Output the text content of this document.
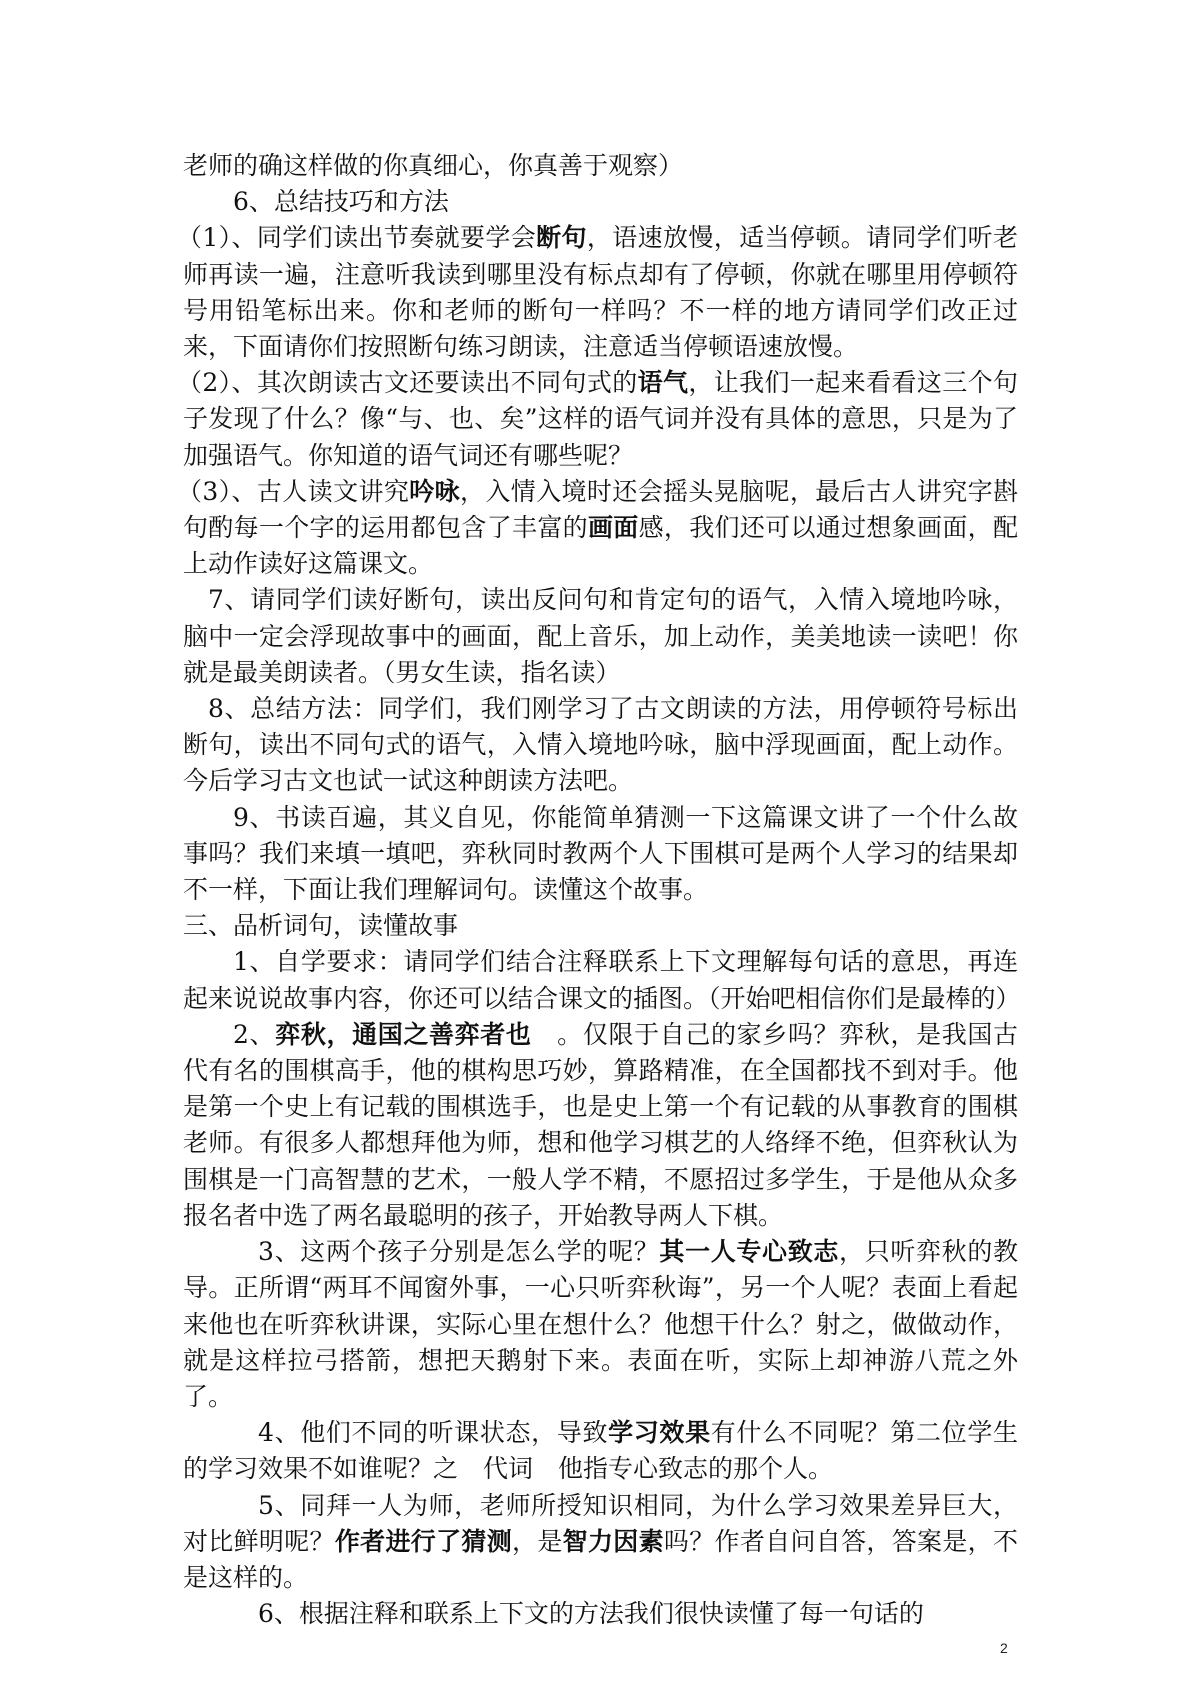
老师的确这样做的你真细心，你真善于观察）

6、总结技巧和方法

（1）、同学们读出节奏就要学会断句，语速放慢，适当停顿。请同学们听老师再读一遍，注意听我读到哪里没有标点却有了停顿，你就在哪里用停顿符号用铅笔标出来。你和老师的断句一样吗？不一样的地方请同学们改正过来，下面请你们按照断句练习朗读，注意适当停顿语速放慢。

（2）、其次朗读古文还要读出不同句式的语气，让我们一起来看看这三个句子发现了什么？像“与、也、矣”这样的语气词并没有具体的意思，只是为了加强语气。你知道的语气词还有哪些呢？

（3）、古人读文讲究吟咏，入情入境时还会摇头晃脑呢，最后古人讲究字斟句酌每一个字的运用都包含了丰富的画面感，我们还可以通过想象画面，配上动作读好这篇课文。

7、请同学们读好断句，读出反问句和肯定句的语气，入情入境地吟咏，脑中一定会浮现故事中的画面，配上音乐，加上动作，美美地读一读吧！你就是最美朗读者。（男女生读，指名读）

8、总结方法：同学们，我们刚学习了古文朗读的方法，用停顿符号标出断句，读出不同句式的语气，入情入境地吟咏，脑中浮现画面，配上动作。今后学习古文也试一试这种朗读方法吧。

9、书读百遍，其义自见，你能简单猜测一下这篇课文讲了一个什么故事吗？我们来填一填吧，弈秋同时教两个人下围棋可是两个人学习的结果却不一样，下面让我们理解词句。读懂这个故事。

三、品析词句，读懂故事

1、自学要求：请同学们结合注释联系上下文理解每句话的意思，再连起来说说故事内容，你还可以结合课文的插图。（开始吧相信你们是最棒的）

2、弈秋，通国之善弈者也　。仅限于自己的家乡吗？弈秋，是我国古代有名的围棋高手，他的棋构思巧妙，算路精准，在全国都找不到对手。他是第一个史上有记载的围棋选手，也是史上第一个有记载的从事教育的围棋老师。有很多人都想拜他为师，想和他学习棋艺的人络绎不绝，但弈秋认为围棋是一门高智慧的艺术，一般人学不精，不愿招过多学生，于是他从众多报名者中选了两名最聪明的孩子，开始教导两人下棋。

3、这两个孩子分别是怎么学的呢？其一人专心致志，只听弈秋的教导。正所谓“两耳不闻窗外事，一心只听弈秋诲”，另一个人呢？表面上看起来他也在听弈秋讲课，实际心里在想什么？他想干什么？射之，做做动作，就是这样拉弓搭箭，想把天鹅射下来。表面在听，实际上却神游八荒之外了。

4、他们不同的听课状态，导致学习效果有什么不同呢？第二位学生的学习效果不如谁呢？之　代词　他指专心致志的那个人。

5、同拜一人为师，老师所授知识相同，为什么学习效果差异巨大，对比鲜明呢？作者进行了猜测，是智力因素吗？作者自问自答，答案是，不是这样的。

6、根据注释和联系上下文的方法我们很快读懂了每一句话的

2
